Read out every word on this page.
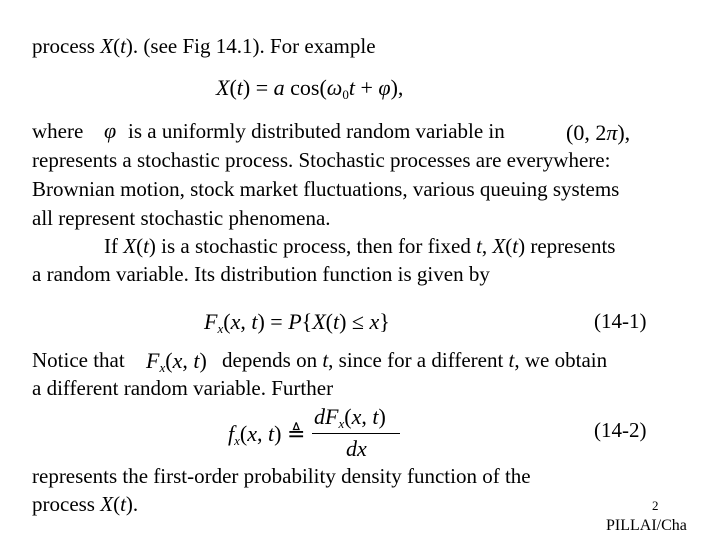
process X(t). (see Fig 14.1). For example
X(t) = a $\cos(\omega_0t + \varphi)$,
where φ is a uniformly distributed random variable in	(0, 2π),
represents a stochastic process. Stochastic processes are everywhere:
Brownian motion, stock market fluctuations, various queuing systems
all represent stochastic phenomena.
If X(t) is a stochastic process, then for fixed t, X(t) represents
a random variable. Its distribution function is given by
$F_x(x$, t) = P{X(t) ≤ x}	(14-1)
Notice that $F_x(x$, t) depends on t, since for a different t, we obtain
a different random variable. Further
$f_x(x$, t) ≜
$dF_x(x$, t)
dx
(14-2)
represents the first-order probability density function of the
process X(t).	2
PILLAI/Cha
